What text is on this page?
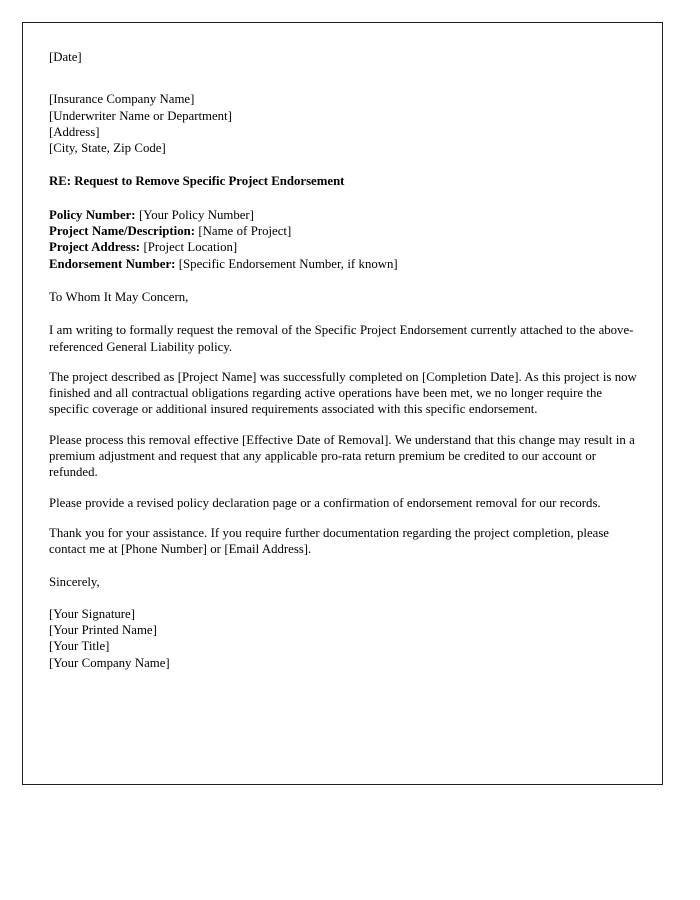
[Date]
[Insurance Company Name]
[Underwriter Name or Department]
[Address]
[City, State, Zip Code]
RE: Request to Remove Specific Project Endorsement
Policy Number: [Your Policy Number]
Project Name/Description: [Name of Project]
Project Address: [Project Location]
Endorsement Number: [Specific Endorsement Number, if known]
To Whom It May Concern,

I am writing to formally request the removal of the Specific Project Endorsement currently attached to the above-referenced General Liability policy.

The project described as [Project Name] was successfully completed on [Completion Date]. As this project is now finished and all contractual obligations regarding active operations have been met, we no longer require the specific coverage or additional insured requirements associated with this specific endorsement.

Please process this removal effective [Effective Date of Removal]. We understand that this change may result in a premium adjustment and request that any applicable pro-rata return premium be credited to our account or refunded.

Please provide a revised policy declaration page or a confirmation of endorsement removal for our records.

Thank you for your assistance. If you require further documentation regarding the project completion, please contact me at [Phone Number] or [Email Address].

Sincerely,
[Your Signature]
[Your Printed Name]
[Your Title]
[Your Company Name]
